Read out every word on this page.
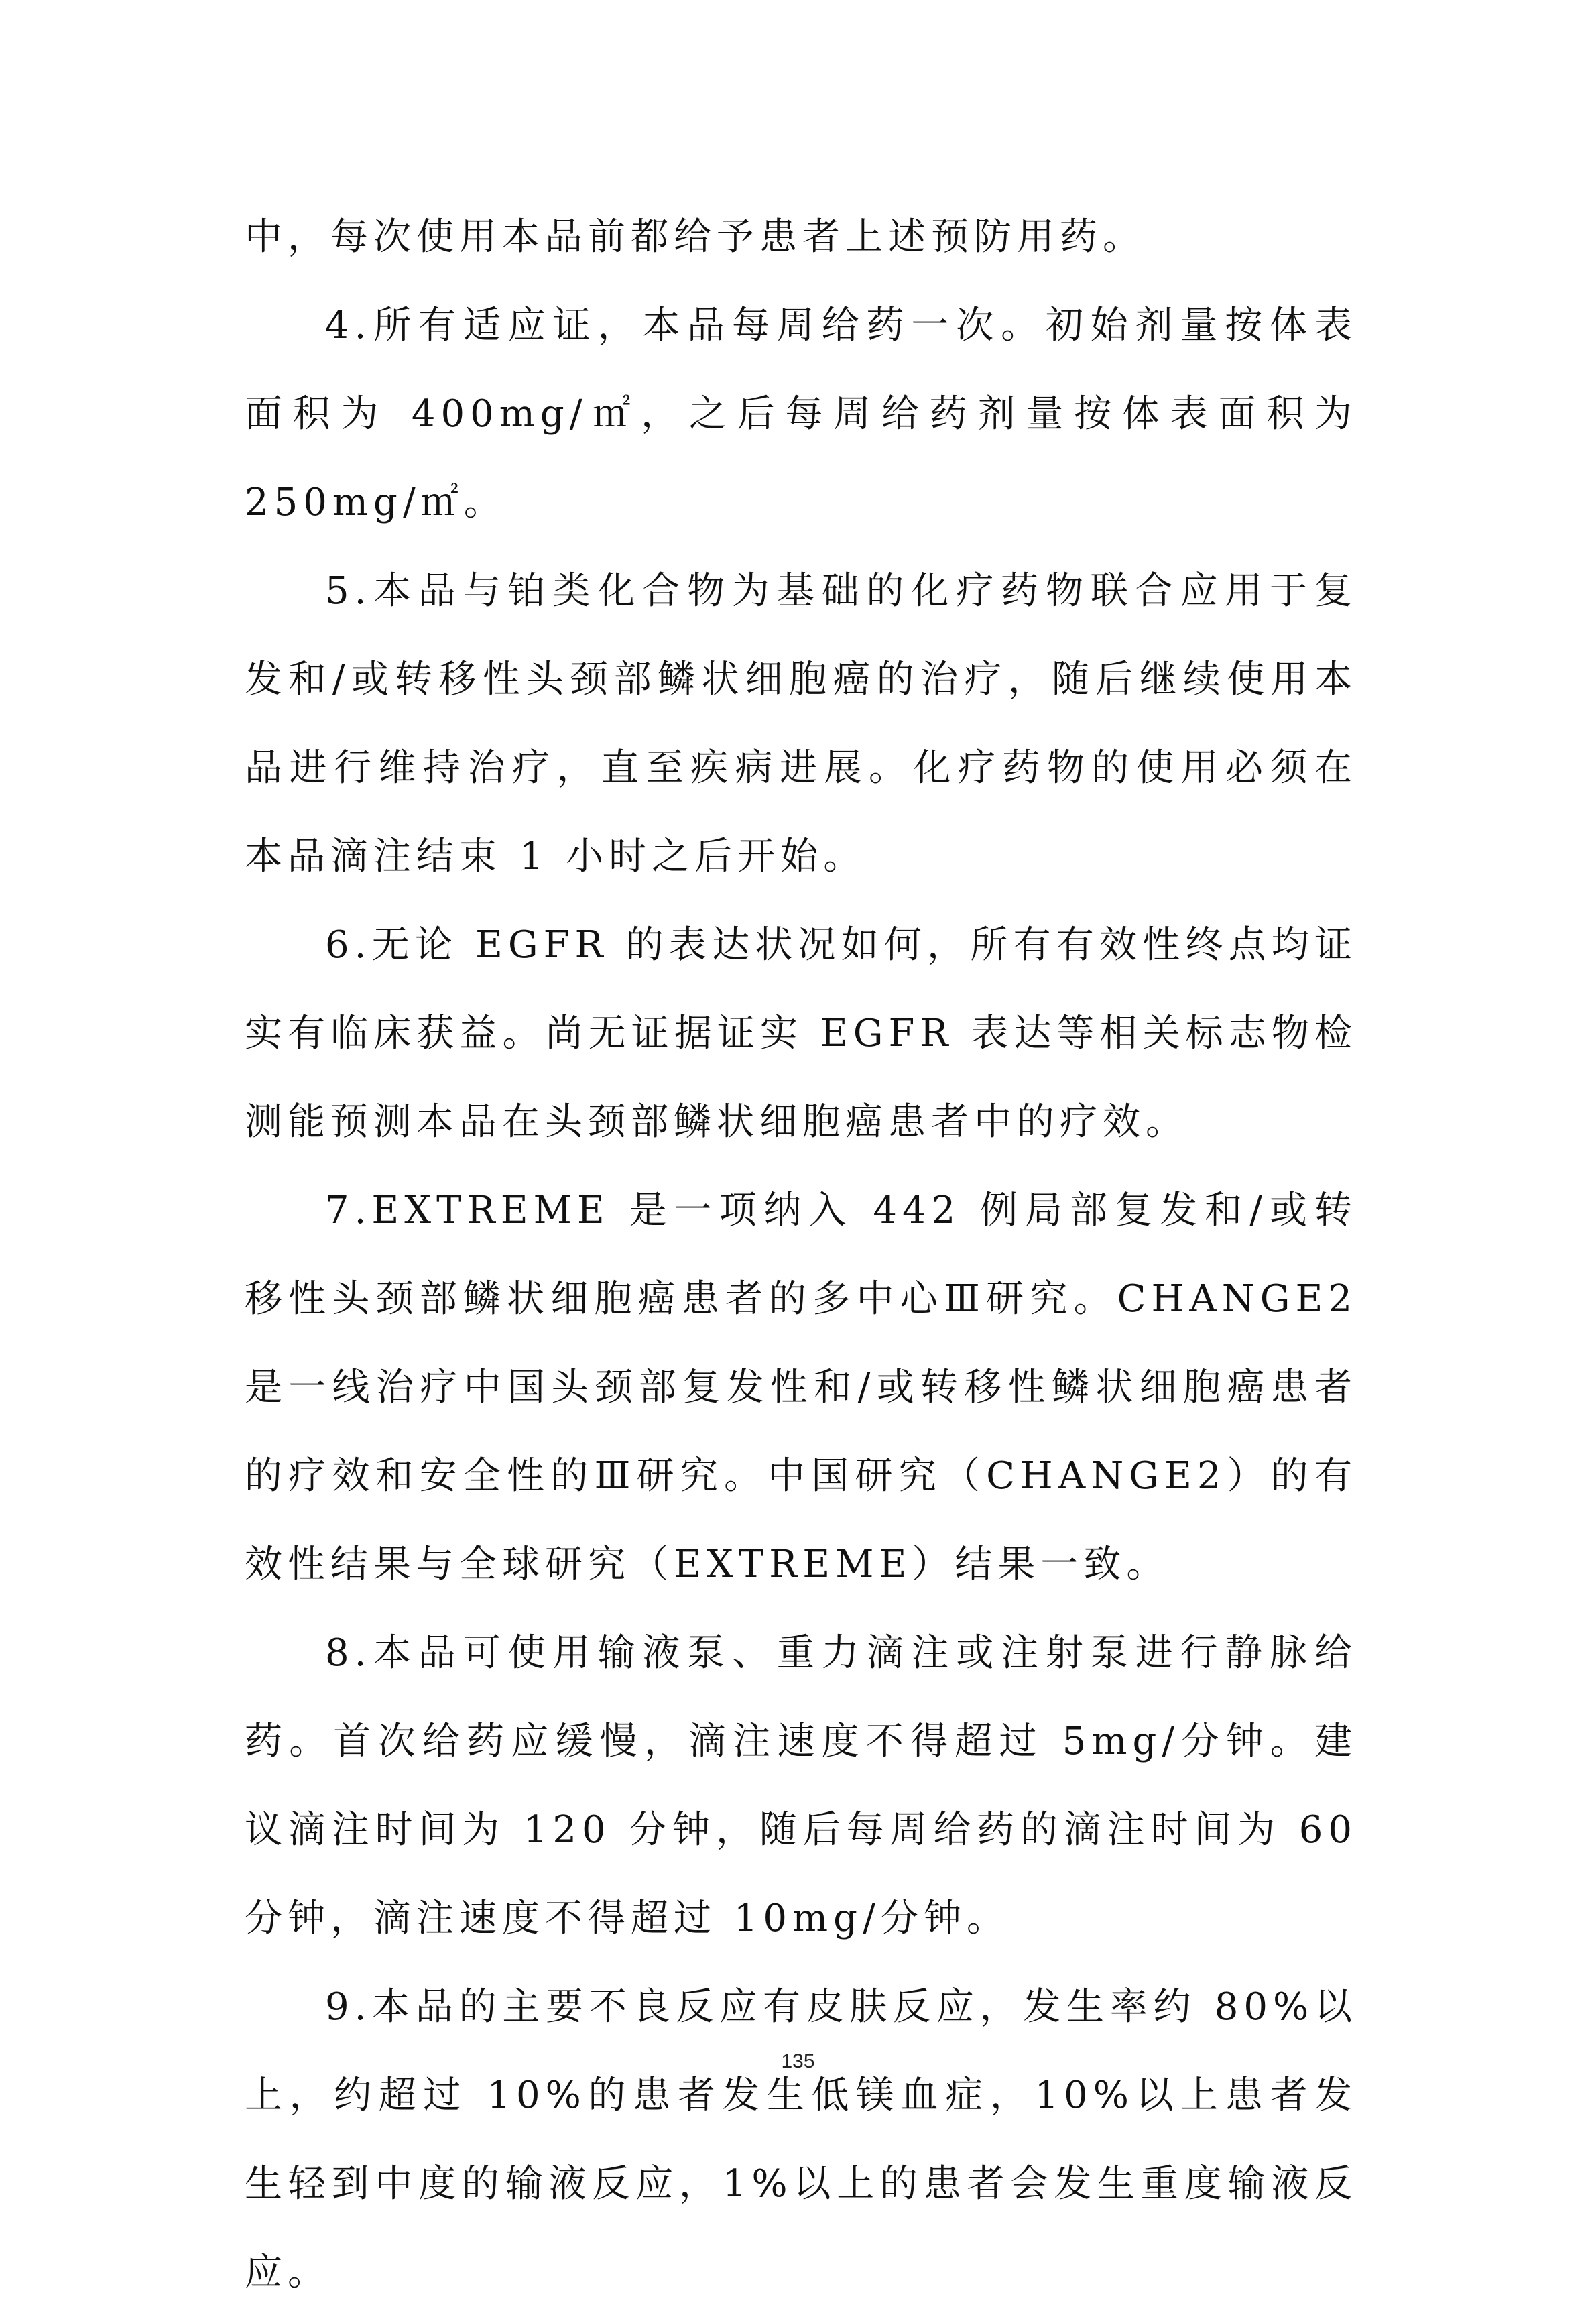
中，每次使用本品前都给予患者上述预防用药。

4.所有适应证，本品每周给药一次。初始剂量按体表面积为 400mg/㎡，之后每周给药剂量按体表面积为 250mg/㎡。

5.本品与铂类化合物为基础的化疗药物联合应用于复发和/或转移性头颈部鳞状细胞癌的治疗，随后继续使用本品进行维持治疗，直至疾病进展。化疗药物的使用必须在本品滴注结束 1 小时之后开始。

6.无论 EGFR 的表达状况如何，所有有效性终点均证实有临床获益。尚无证据证实 EGFR 表达等相关标志物检测能预测本品在头颈部鳞状细胞癌患者中的疗效。

7.EXTREME 是一项纳入 442 例局部复发和/或转移性头颈部鳞状细胞癌患者的多中心Ⅲ研究。CHANGE2 是一线治疗中国头颈部复发性和/或转移性鳞状细胞癌患者的疗效和安全性的Ⅲ研究。中国研究（CHANGE2）的有效性结果与全球研究（EXTREME）结果一致。

8.本品可使用输液泵、重力滴注或注射泵进行静脉给药。首次给药应缓慢，滴注速度不得超过 5mg/分钟。建议滴注时间为 120 分钟，随后每周给药的滴注时间为 60 分钟，滴注速度不得超过 10mg/分钟。

9.本品的主要不良反应有皮肤反应，发生率约 80%以上，约超过 10%的患者发生低镁血症，10%以上患者发生轻到中度的输液反应，1%以上的患者会发生重度输液反应。

135
